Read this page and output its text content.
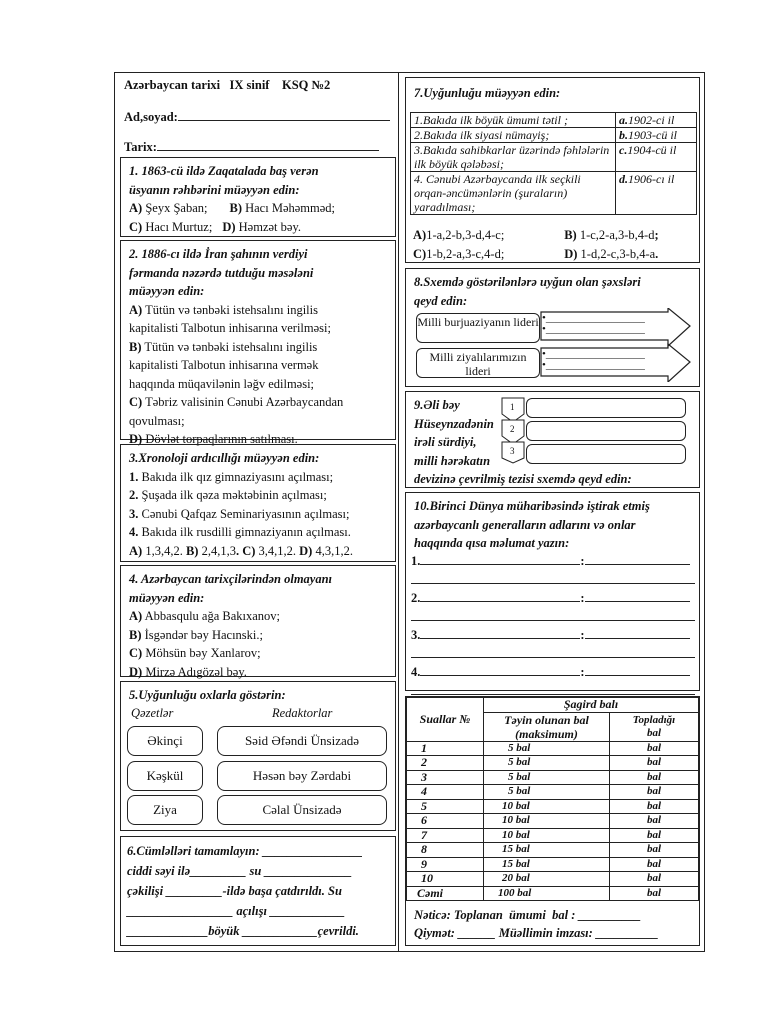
Azərbaycan tarixi   IX sinif    KSQ №2
Ad,soyad:
Tarix:
1. 1863-cü ildə Zaqatalada baş verən
üsyanın rəhbərini müəyyən edin:
A) Şeyx Şaban; B) Hacı Məhəmməd;
C) Hacı Murtuz; D) Həmzət bəy.
2. 1886-cı ildə İran şahının verdiyi
fərmanda nəzərdə tutduğu məsələni
müəyyən edin:
A) Tütün və tənbəki istehsalını ingilis
kapitalisti Talbotun inhisarına verilməsi;
B) Tütün və tənbəki istehsalını ingilis
kapitalisti Talbotun inhisarına vermək
haqqında müqavilənin ləğv edilməsi;
C) Təbriz valisinin Cənubi Azərbaycandan
qovulması;
D) Dövlət torpaqlarının satılması.
3.Xronoloji ardıcıllığı müəyyən edin:
1. Bakıda ilk qız gimnaziyasını açılması;
2. Şuşada ilk qəza məktəbinin açılması;
3. Cənubi Qafqaz Seminariyasının açılması;
4. Bakıda ilk rusdilli gimnaziyanın açılması.
A) 1,3,4,2. B) 2,4,1,3. C) 3,4,1,2. D) 4,3,1,2.
4. Azərbaycan tarixçilərindən olmayanı
müəyyən edin:
A) Abbasqulu ağa Bakıxanov;
B) İsgəndər bəy Hacınski.;
C) Möhsün bəy Xanlarov;
D) Mirzə Adıgözəl bəy.
5.Uyğunluğu oxlarla göstərin:
Qəzetlər	Redaktorlar
Əkinçi
Kəşkül
Ziya
Səid Əfəndi Ünsizadə
Həsən bəy Zərdabi
Cəlal Ünsizadə
6.Cümləlləri tamamlayın: ________________
ciddi səyi ilə_________ su ______________
çəkilişi _________-ildə başa çatdırıldı. Su
_________________ açılışı ____________
_____________böyük ____________çevrildi.
7.Uyğunluğu müəyyən edin:
1.Bakıda ilk böyük ümumi tətil ;	a.1902-ci il
2.Bakıda ilk siyasi nümayiş;	b.1903-cü il
3.Bakıda sahibkarlar üzərində fəhlələrin ilk böyük qələbəsi;	c.1904-cü il
4. Cənubi Azərbaycanda ilk seçkili orqan-əncümənlərin (şuraların) yaradılması;	d.1906-cı il
A)1-a,2-b,3-d,4-c;	B) 1-c,2-a,3-b,4-d;
C)1-b,2-a,3-c,4-d;	D) 1-d,2-c,3-b,4-a.
8.Sxemdə göstərilənlərə uyğun olan şəxsləri
qeyd edin:
Milli burjuaziyanın lideri
Milli ziyalılarımızın lideri
•__________________
•__________________
•__________________
•__________________
9.Əli bəy
Hüseynzadənin
irəli sürdiyi,
milli hərəkatın
devizinə çevrilmiş tezisi sxemdə qeyd edin:
1
2
3
10.Birinci Dünya müharibəsində iştirak etmiş
azərbaycanlı generalların adlarını və onlar
haqqında qısa məlumat yazın:
1.	:
2.	:
3.	:
4.	:
Suallar №	Şagird balı	

	Təyin olunan bal
(maksimum)	Topladığı
bal

1	5 bal	bal
2	5 bal	bal
3	5 bal	bal
4	5 bal	bal
5	10 bal	bal
6	10 bal	bal
7	10 bal	bal
8	15 bal	bal
9	15 bal	bal
10	20 bal	bal
Cəmi	100 bal	bal
Nəticə: Toplanan  ümumi  bal : __________
Qiymət: ______ Müəllimin imzası: __________
